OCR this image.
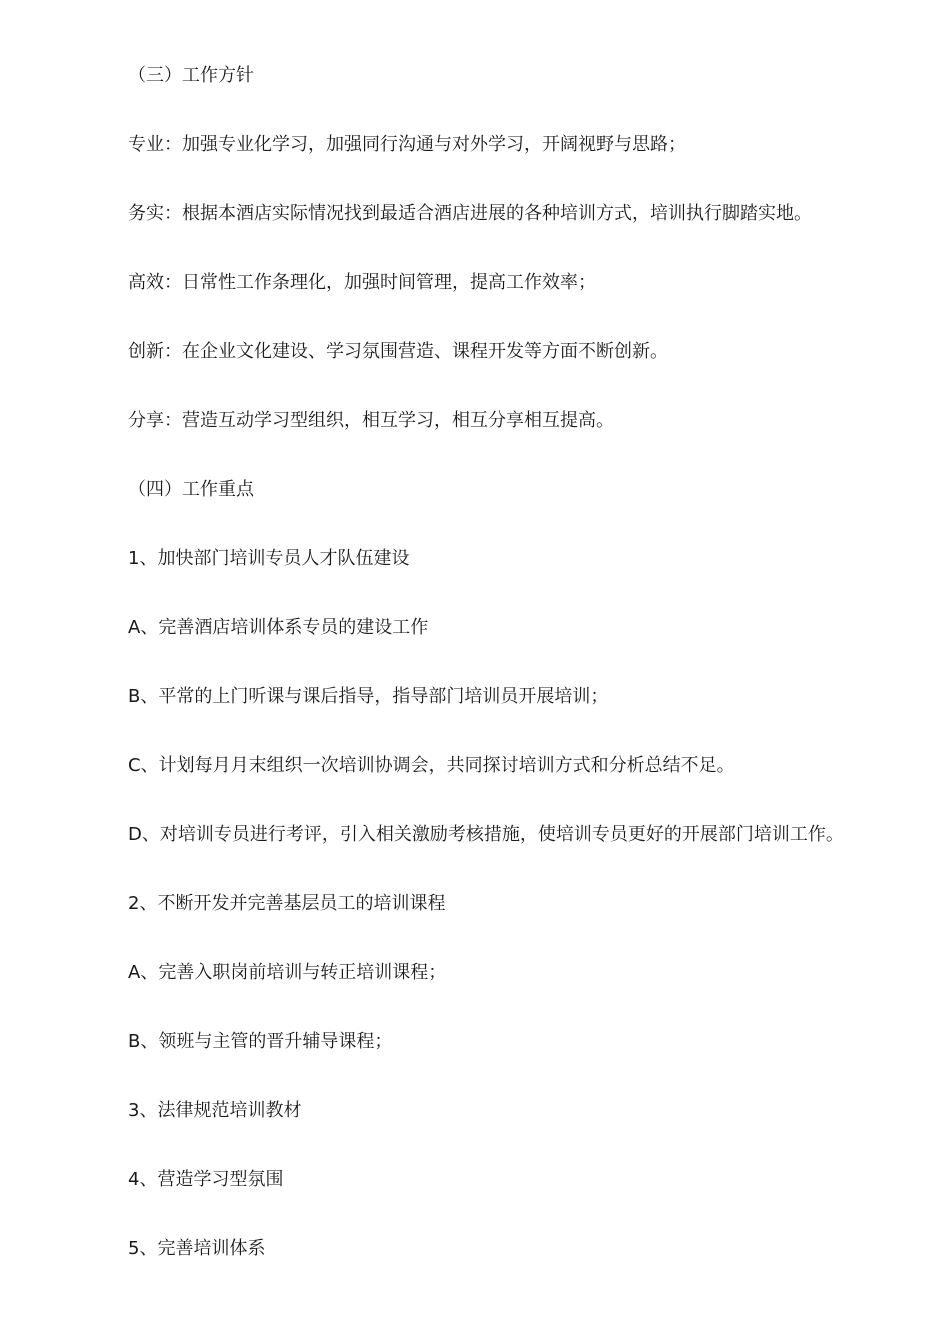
（三）工作方针
专业：加强专业化学习，加强同行沟通与对外学习，开阔视野与思路；
务实：根据本酒店实际情况找到最适合酒店进展的各种培训方式，培训执行脚踏实地。
高效：日常性工作条理化，加强时间管理，提高工作效率；
创新：在企业文化建设、学习氛围营造、课程开发等方面不断创新。
分享：营造互动学习型组织，相互学习，相互分享相互提高。
（四）工作重点
1、加快部门培训专员人才队伍建设
A、完善酒店培训体系专员的建设工作
B、平常的上门听课与课后指导，指导部门培训员开展培训；
C、计划每月月末组织一次培训协调会，共同探讨培训方式和分析总结不足。
D、对培训专员进行考评，引入相关激励考核措施，使培训专员更好的开展部门培训工作。
2、不断开发并完善基层员工的培训课程
A、完善入职岗前培训与转正培训课程；
B、领班与主管的晋升辅导课程；
3、法律规范培训教材
4、营造学习型氛围
5、完善培训体系
